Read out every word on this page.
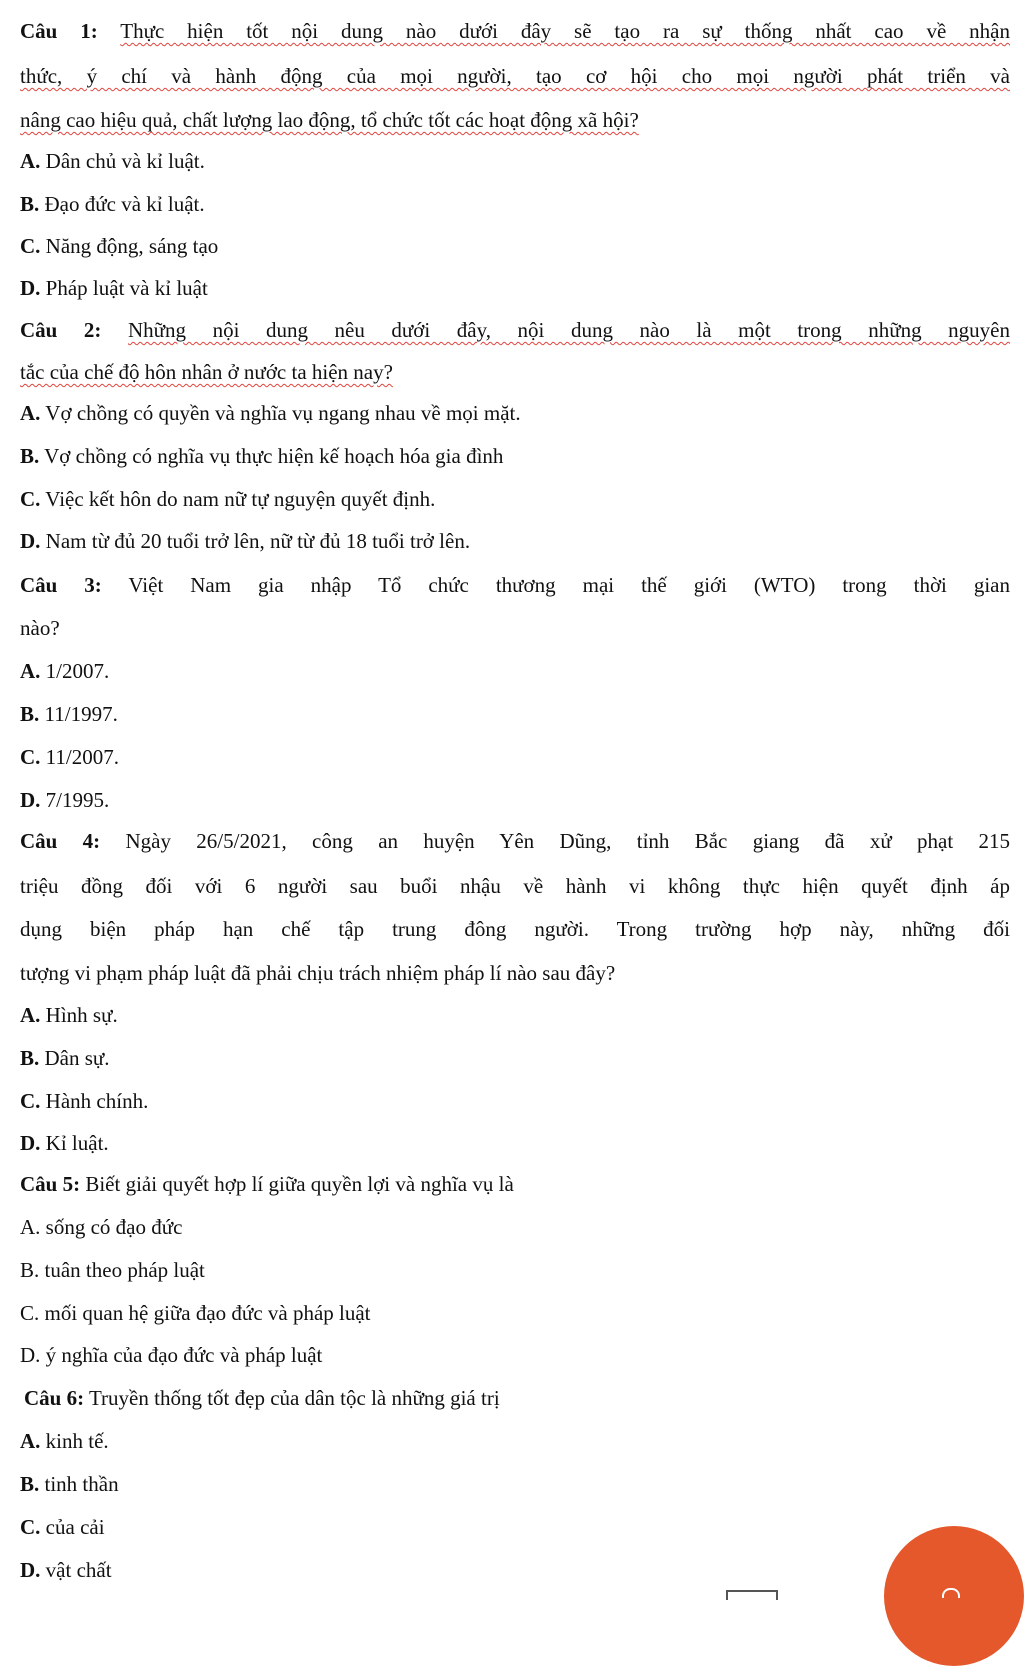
Câu 1: Thực hiện tốt nội dung nào dưới đây sẽ tạo ra sự thống nhất cao về nhận
thức, ý chí và hành động của mọi người, tạo cơ hội cho mọi người phát triển và
nâng cao hiệu quả, chất lượng lao động, tổ chức tốt các hoạt động xã hội?
A. Dân chủ và kỉ luật.
B. Đạo đức và kỉ luật.
C. Năng động, sáng tạo
D. Pháp luật và kỉ luật
Câu 2: Những nội dung nêu dưới đây, nội dung nào là một trong những nguyên
tắc của chế độ hôn nhân ở nước ta hiện nay?
A. Vợ chồng có quyền và nghĩa vụ ngang nhau về mọi mặt.
B. Vợ chồng có nghĩa vụ thực hiện kế hoạch hóa gia đình
C. Việc kết hôn do nam nữ tự nguyện quyết định.
D. Nam từ đủ 20 tuổi trở lên, nữ từ đủ 18 tuổi trở lên.
Câu 3: Việt Nam gia nhập Tổ chức thương mại thế giới (WTO) trong thời gian
nào?
A. 1/2007.
B. 11/1997.
C. 11/2007.
D. 7/1995.
Câu 4: Ngày 26/5/2021, công an huyện Yên Dũng, tỉnh Bắc giang đã xử phạt 215
triệu đồng đối với 6 người sau buổi nhậu về hành vi không thực hiện quyết định áp
dụng biện pháp hạn chế tập trung đông người. Trong trường hợp này, những đối
tượng vi phạm pháp luật đã phải chịu trách nhiệm pháp lí nào sau đây?
A. Hình sự.
B. Dân sự.
C. Hành chính.
D. Kỉ luật.
Câu 5: Biết giải quyết hợp lí giữa quyền lợi và nghĩa vụ là
A. sống có đạo đức
B. tuân theo pháp luật
C. mối quan hệ giữa đạo đức và pháp luật
D. ý nghĩa của đạo đức và pháp luật
Câu 6: Truyền thống tốt đẹp của dân tộc là những giá trị
A. kinh tế.
B. tinh thần
C. của cải
D. vật chất
